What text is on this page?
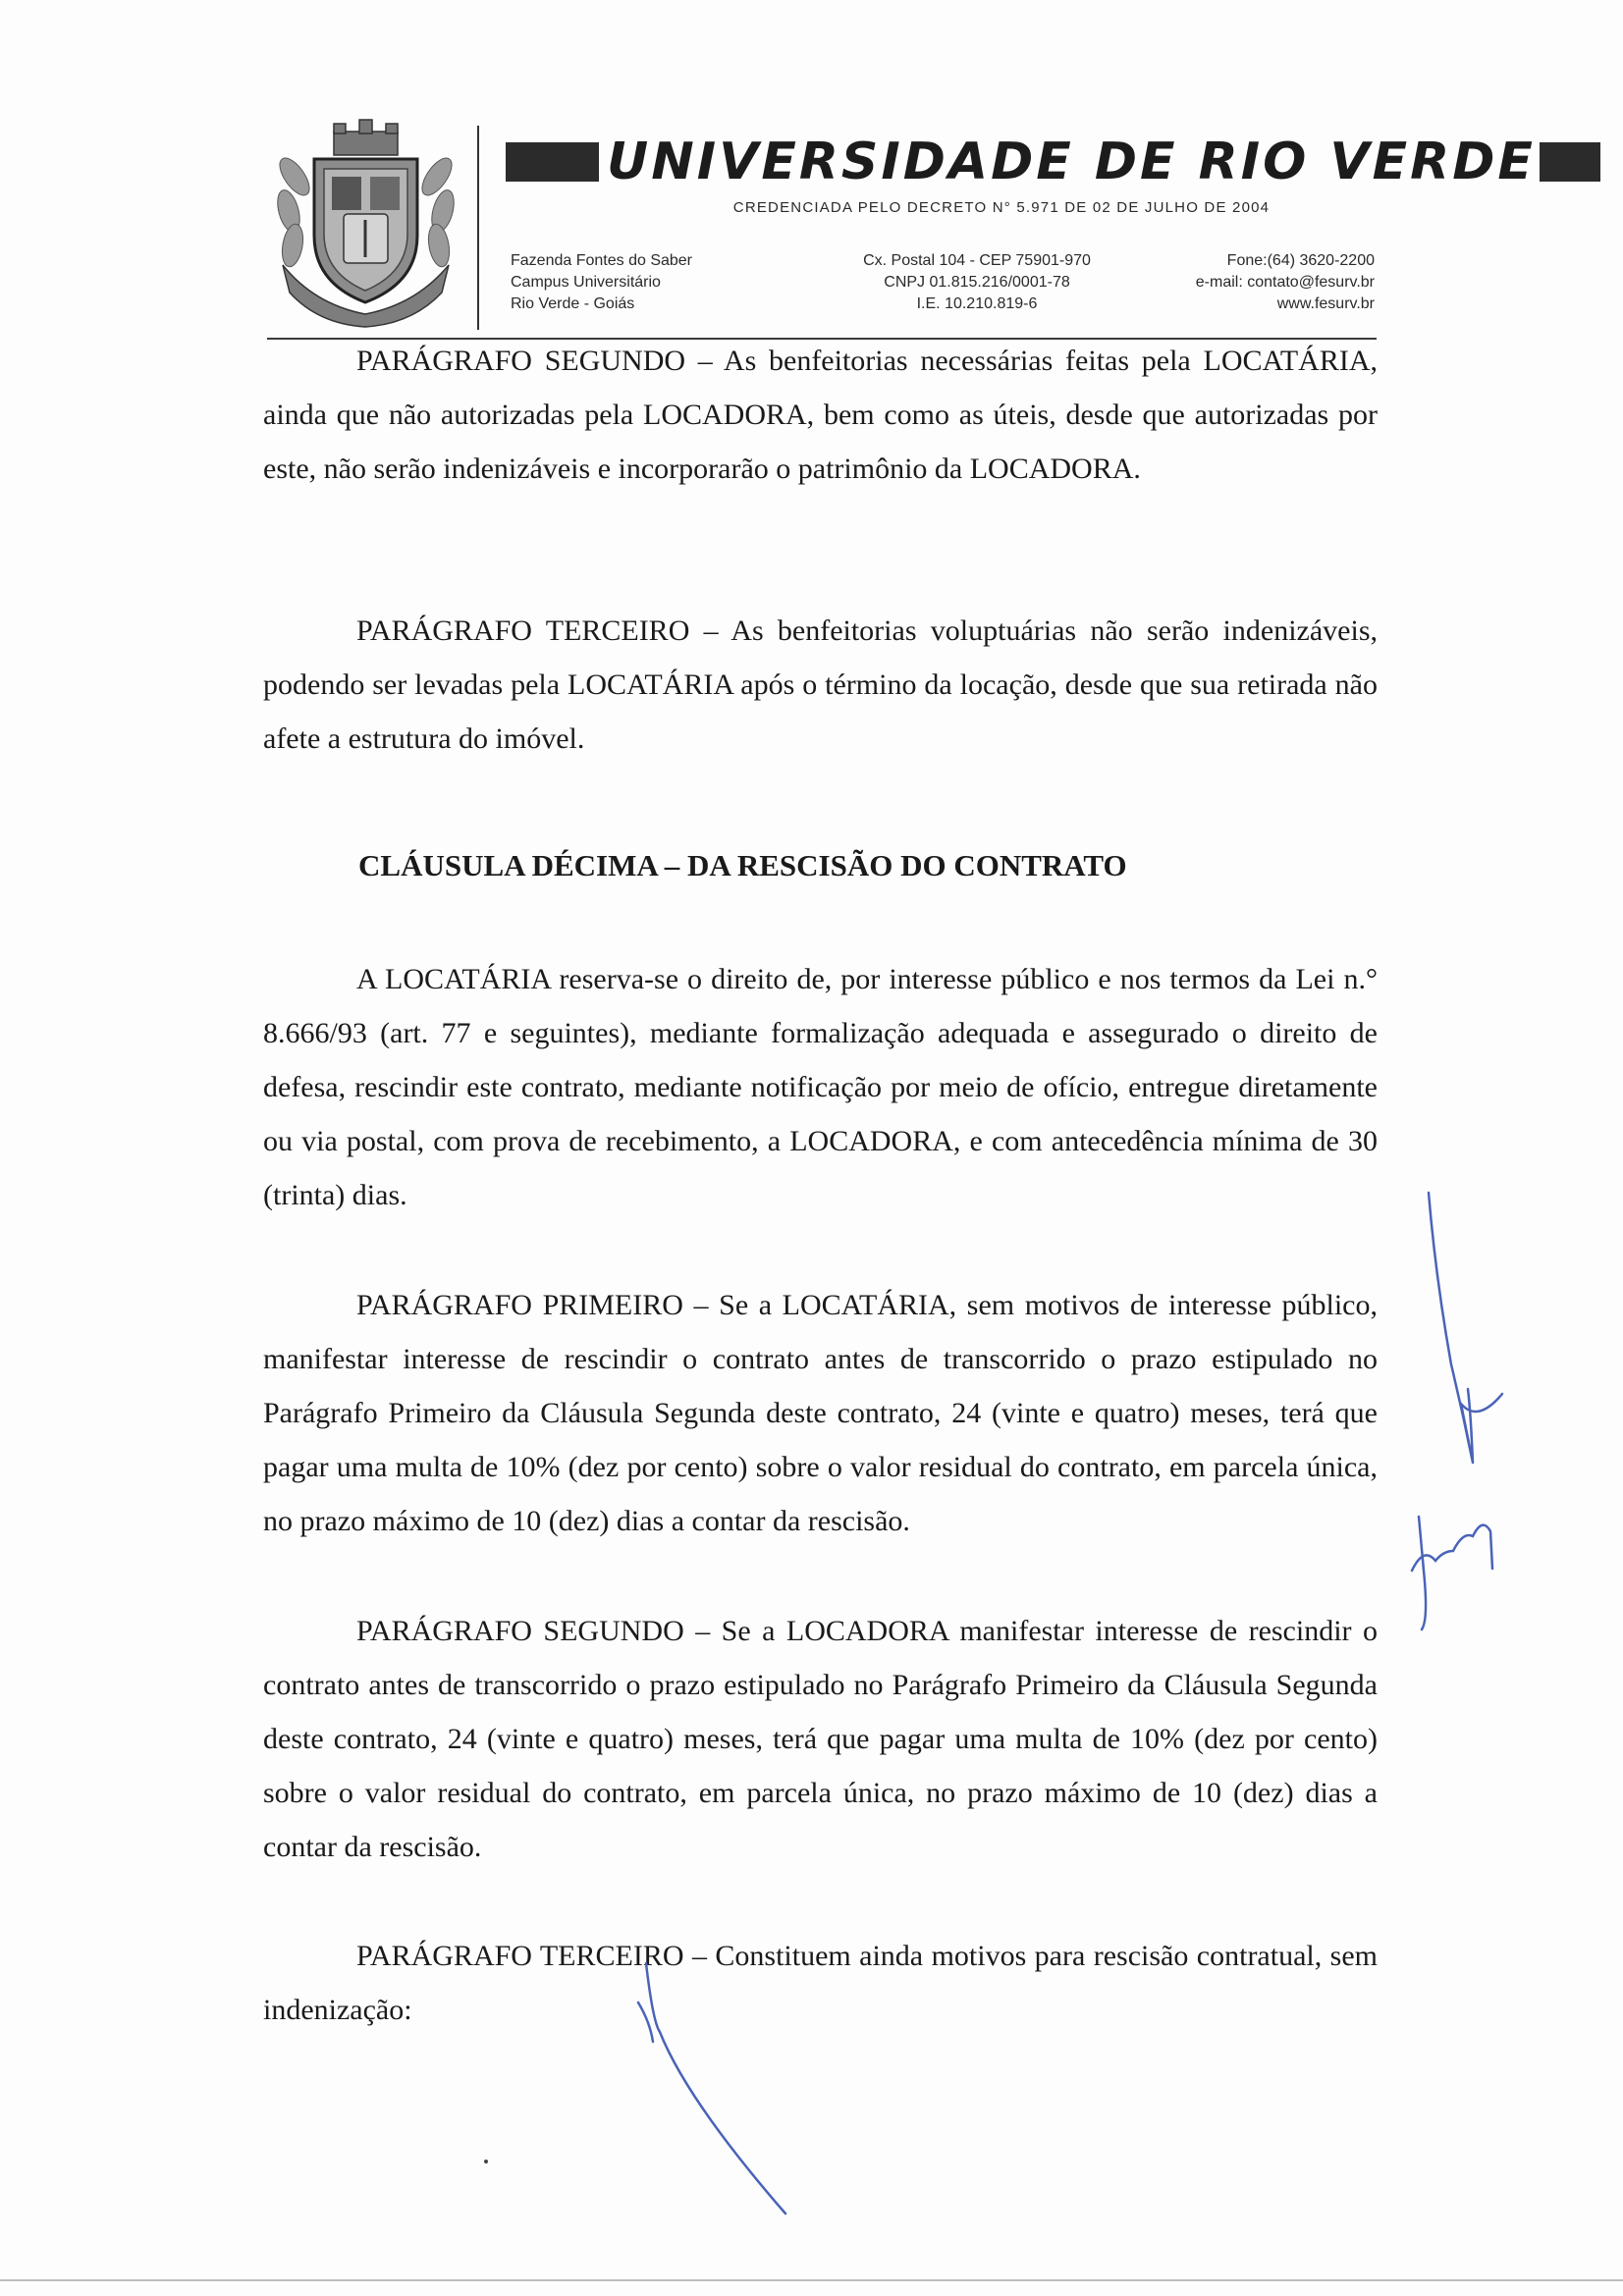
UNIVERSIDADE DE RIO VERDE
CREDENCIADA PELO DECRETO N° 5.971 DE 02 DE JULHO DE 2004
Fazenda Fontes do Saber
Campus Universitário
Rio Verde - Goiás
Cx. Postal 104 - CEP 75901-970
CNPJ 01.815.216/0001-78
I.E. 10.210.819-6
Fone:(64) 3620-2200
e-mail: contato@fesurv.br
www.fesurv.br

PARÁGRAFO SEGUNDO – As benfeitorias necessárias feitas pela LOCATÁRIA, ainda que não autorizadas pela LOCADORA, bem como as úteis, desde que autorizadas por este, não serão indenizáveis e incorporarão o patrimônio da LOCADORA.

PARÁGRAFO TERCEIRO – As benfeitorias voluptuárias não serão indenizáveis, podendo ser levadas pela LOCATÁRIA após o término da locação, desde que sua retirada não afete a estrutura do imóvel.

CLÁUSULA DÉCIMA – DA RESCISÃO DO CONTRATO

A LOCATÁRIA reserva-se o direito de, por interesse público e nos termos da Lei n.° 8.666/93 (art. 77 e seguintes), mediante formalização adequada e assegurado o direito de defesa, rescindir este contrato, mediante notificação por meio de ofício, entregue diretamente ou via postal, com prova de recebimento, a LOCADORA, e com antecedência mínima de 30 (trinta) dias.

PARÁGRAFO PRIMEIRO – Se a LOCATÁRIA, sem motivos de interesse público, manifestar interesse de rescindir o contrato antes de transcorrido o prazo estipulado no Parágrafo Primeiro da Cláusula Segunda deste contrato, 24 (vinte e quatro) meses, terá que pagar uma multa de 10% (dez por cento) sobre o valor residual do contrato, em parcela única, no prazo máximo de 10 (dez) dias a contar da rescisão.

PARÁGRAFO SEGUNDO – Se a LOCADORA manifestar interesse de rescindir o contrato antes de transcorrido o prazo estipulado no Parágrafo Primeiro da Cláusula Segunda deste contrato, 24 (vinte e quatro) meses, terá que pagar uma multa de 10% (dez por cento) sobre o valor residual do contrato, em parcela única, no prazo máximo de 10 (dez) dias a contar da rescisão.

PARÁGRAFO TERCEIRO – Constituem ainda motivos para rescisão contratual, sem indenização:
